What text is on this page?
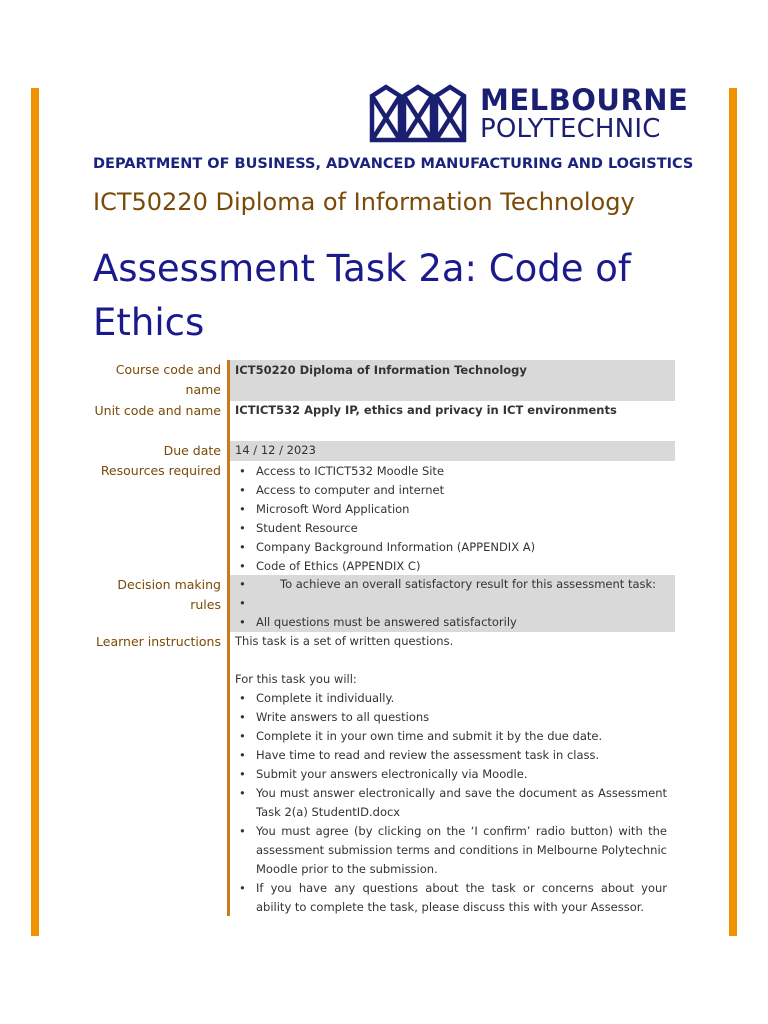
MELBOURNE
POLYTECHNIC
DEPARTMENT OF BUSINESS, ADVANCED MANUFACTURING AND LOGISTICS
ICT50220 Diploma of Information Technology
Assessment Task 2a: Code of Ethics
Course code and name
ICT50220 Diploma of Information Technology
Unit code and name	ICTICT532 Apply IP, ethics and privacy in ICT environments
Due date	14 / 12 / 2023
Resources required
•	Access to ICTICT532 Moodle Site
• Access to computer and internet
• Microsoft Word Application
• Student Resource
• Company Background Information (APPENDIX A)
• Code of Ethics (APPENDIX C)
Decision making rules
• To achieve an overall satisfactory result for this assessment task:
•
• All questions must be answered satisfactorily
Learner instructions	This task is a set of written questions.

For this task you will:

• Complete it individually.
• Write answers to all questions
• Complete it in your own time and submit it by the due date.
• Have time to read and review the assessment task in class.
• Submit your answers electronically via Moodle.
• You must answer electronically and save the document as Assessment Task 2(a) StudentID.docx
• You must agree (by clicking on the ‘I confirm’ radio button) with the assessment submission terms and conditions in Melbourne Polytechnic Moodle prior to the submission.
• If you have any questions about the task or concerns about your ability to complete the task, please discuss this with your Assessor.
